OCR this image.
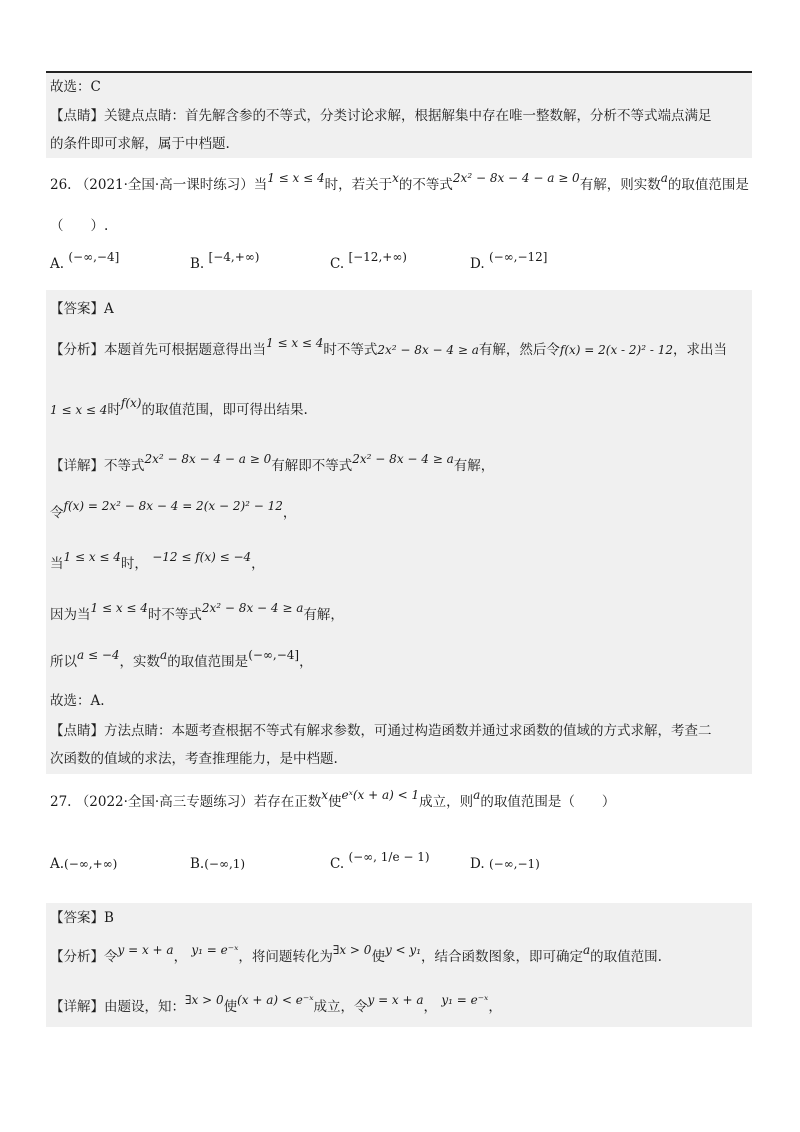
故选：C
【点睛】关键点点睛：首先解含参的不等式，分类讨论求解，根据解集中存在唯一整数解，分析不等式端点满足
的条件即可求解，属于中档题.
26. （2021·全国·高一课时练习）当1 ≤ x ≤ 4时，若关于x的不等式2x² − 8x − 4 − a ≥ 0有解，则实数a的取值范围是
（　　）.
A. (−∞,−4]	B. [−4,+∞)	C. [−12,+∞)	D. (−∞,−12]
【答案】A
【分析】本题首先可根据题意得出当1 ≤ x ≤ 4时不等式2x² − 8x − 4 ≥ a有解，然后令f(x) = 2(x - 2)² - 12，求出当
1 ≤ x ≤ 4时f(x)的取值范围，即可得出结果.
【详解】不等式2x² − 8x − 4 − a ≥ 0有解即不等式2x² − 8x − 4 ≥ a有解，
令f(x) = 2x² − 8x − 4 = 2(x − 2)² − 12，
当1 ≤ x ≤ 4时， −12 ≤ f(x) ≤ −4，
因为当1 ≤ x ≤ 4时不等式2x² − 8x − 4 ≥ a有解，
所以a ≤ −4，实数a的取值范围是(−∞,−4]，
故选：A.
【点睛】方法点睛：本题考查根据不等式有解求参数，可通过构造函数并通过求函数的值域的方式求解，考查二
次函数的值域的求法，考查推理能力，是中档题.
27. （2022·全国·高三专题练习）若存在正数x使eˣ(x + a) < 1成立，则a的取值范围是（　　）
A.(−∞,+∞)	B.(−∞,1)	C. (−∞, 1/e − 1)	D. (−∞,−1)
【答案】B
【分析】令y = x + a， y₁ = e⁻ˣ，将问题转化为∃x > 0使y < y₁，结合函数图象，即可确定a的取值范围.
【详解】由题设，知：∃x > 0使(x + a) < e⁻ˣ成立，令y = x + a， y₁ = e⁻ˣ，
